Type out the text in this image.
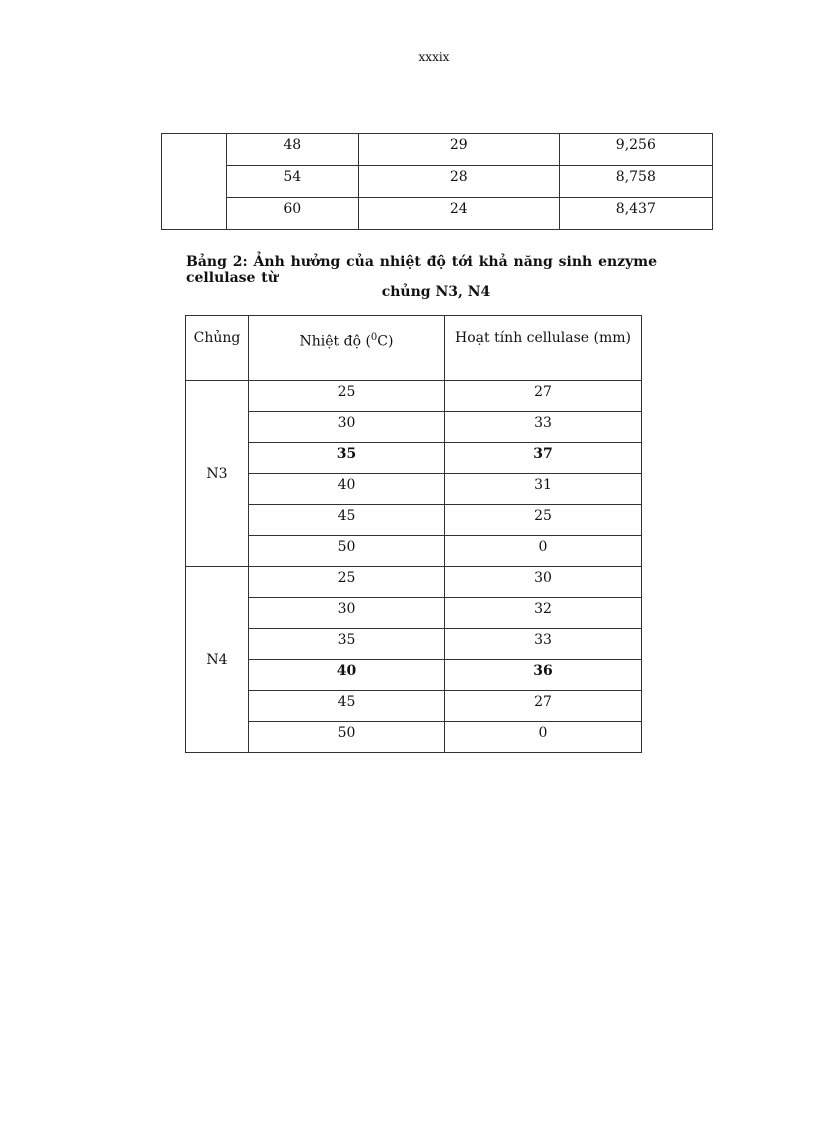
xxxix
	48	29	9,256
	54	28	8,758
	60	24	8,437
Bảng 2: Ảnh hưởng của nhiệt độ tới khả năng sinh enzyme cellulase từ
chủng N3, N4
Chủng	Nhiệt độ ($^0$C)	Hoạt tính cellulase (mm)
N3	25	27
	30	33
	35	37
	40	31
	45	25
	50	0
N4	25	30
	30	32
	35	33
	40	36
	45	27
	50	0
